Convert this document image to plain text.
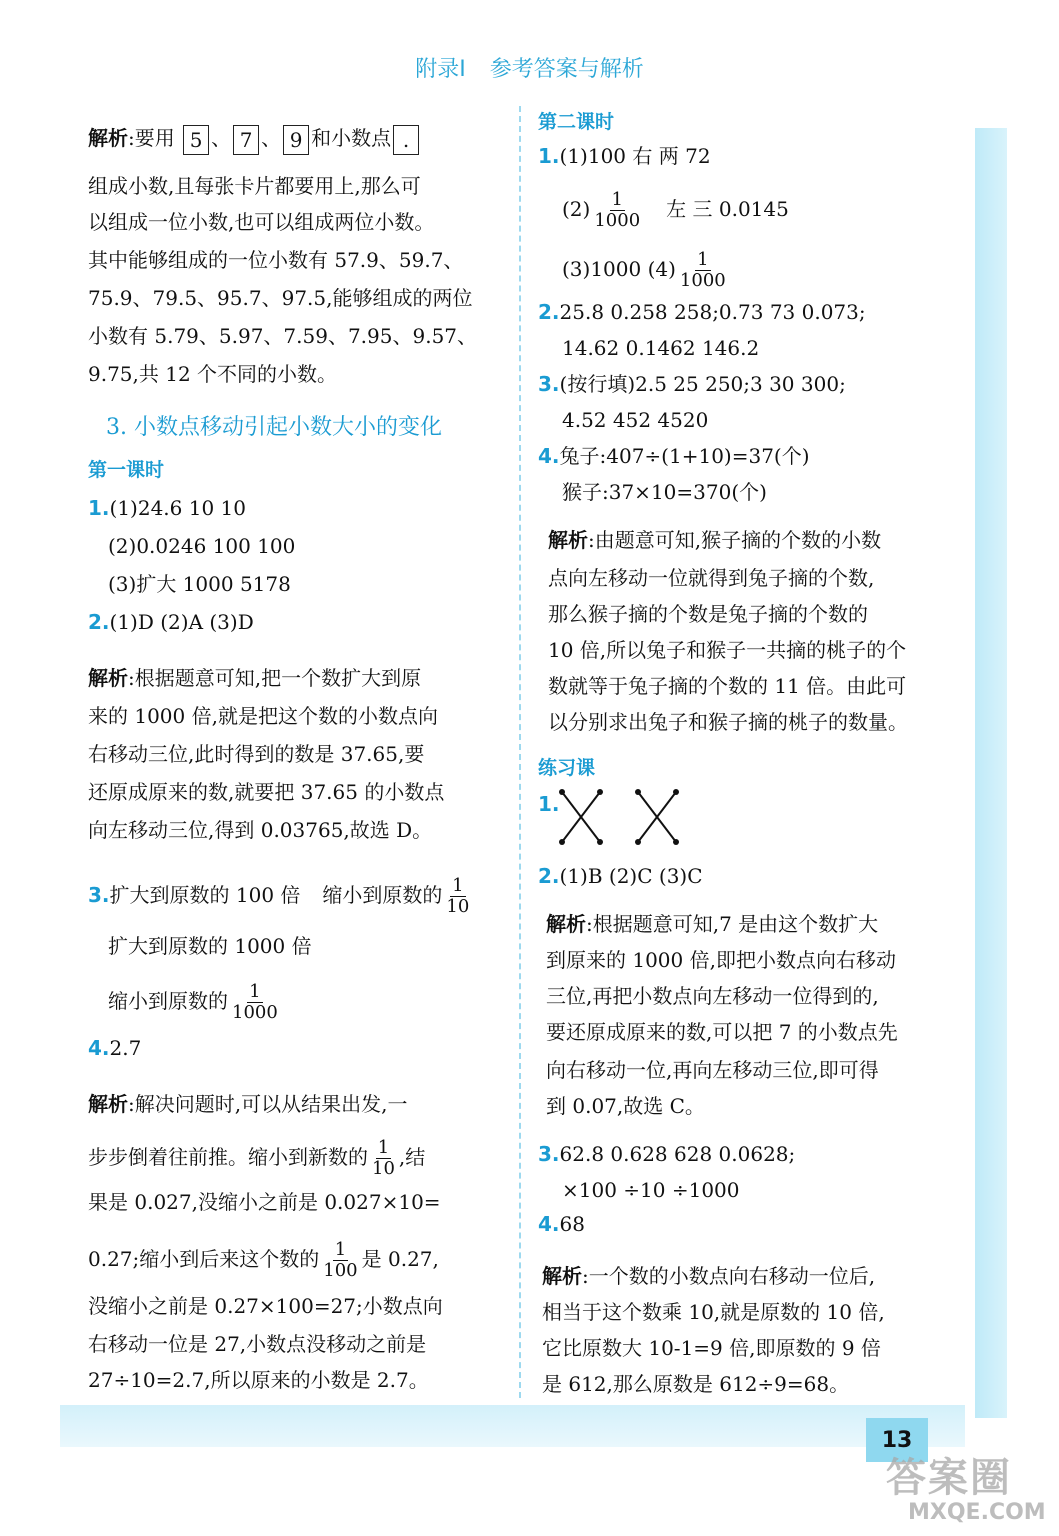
附录Ⅰ 参考答案与解析
解析:要用 5 、 7 、 9 和小数点 .
组成小数,且每张卡片都要用上,那么可
以组成一位小数,也可以组成两位小数。
其中能够组成的一位小数有 57.9、59.7、
75.9、79.5、95.7、97.5,能够组成的两位
小数有 5.79、5.97、7.59、7.95、9.57、
9.75,共 12 个不同的小数。
3. 小数点移动引起小数大小的变化
第一课时
1.(1)24.6 10 10
(2)0.0246 100 100
(3)扩大 1000 5178
2.(1)D (2)A (3)D
解析:根据题意可知,把一个数扩大到原
来的 1000 倍,就是把这个数的小数点向
右移动三位,此时得到的数是 37.65,要
还原成原来的数,就要把 37.65 的小数点
向左移动三位,得到 0.03765,故选 D。
3.扩大到原数的 100 倍 缩小到原数的 $\frac{1}{10}$
扩大到原数的 1000 倍
缩小到原数的 $\frac{1}{1000}$
4.2.7
解析:解决问题时,可以从结果出发,一
步步倒着往前推。缩小到新数的 $\frac{1}{10}$ ,结
果是 0.027,没缩小之前是 0.027×10=
0.27;缩小到后来这个数的 $\frac{1}{100}$ 是 0.27,
没缩小之前是 0.27×100=27;小数点向
右移动一位是 27,小数点没移动之前是
27÷10=2.7,所以原来的小数是 2.7。
第二课时
1.(1)100 右 两 72
$(2) \frac{1}{1000}$ 左 三 0.0145
(3)1000 $(4) \frac{1}{1000}$
2.25.8 0.258 258;0.73 73 0.073;
14.62 0.1462 146.2
3.(按行填)2.5 25 250;3 30 300;
4.52 452 4520
4.兔子:407÷(1+10)=37(个)
猴子:37×10=370(个)
解析:由题意可知,猴子摘的个数的小数
点向左移动一位就得到兔子摘的个数,
那么猴子摘的个数是兔子摘的个数的
10 倍,所以兔子和猴子一共摘的桃子的个
数就等于兔子摘的个数的 11 倍。由此可
以分别求出兔子和猴子摘的桃子的数量。
练习课
1.
2.(1)B (2)C (3)C
解析:根据题意可知,7 是由这个数扩大
到原来的 1000 倍,即把小数点向右移动
三位,再把小数点向左移动一位得到的,
要还原成原来的数,可以把 7 的小数点先
向右移动一位,再向左移动三位,即可得
到 0.07,故选 C。
3.62.8 0.628 628 0.0628;
×100 ÷10 ÷1000
4.68
解析:一个数的小数点向右移动一位后,
相当于这个数乘 10,就是原数的 10 倍,
它比原数大 10-1=9 倍,即原数的 9 倍
是 612,那么原数是 612÷9=68。
13
答案圈
MXQE.COM
